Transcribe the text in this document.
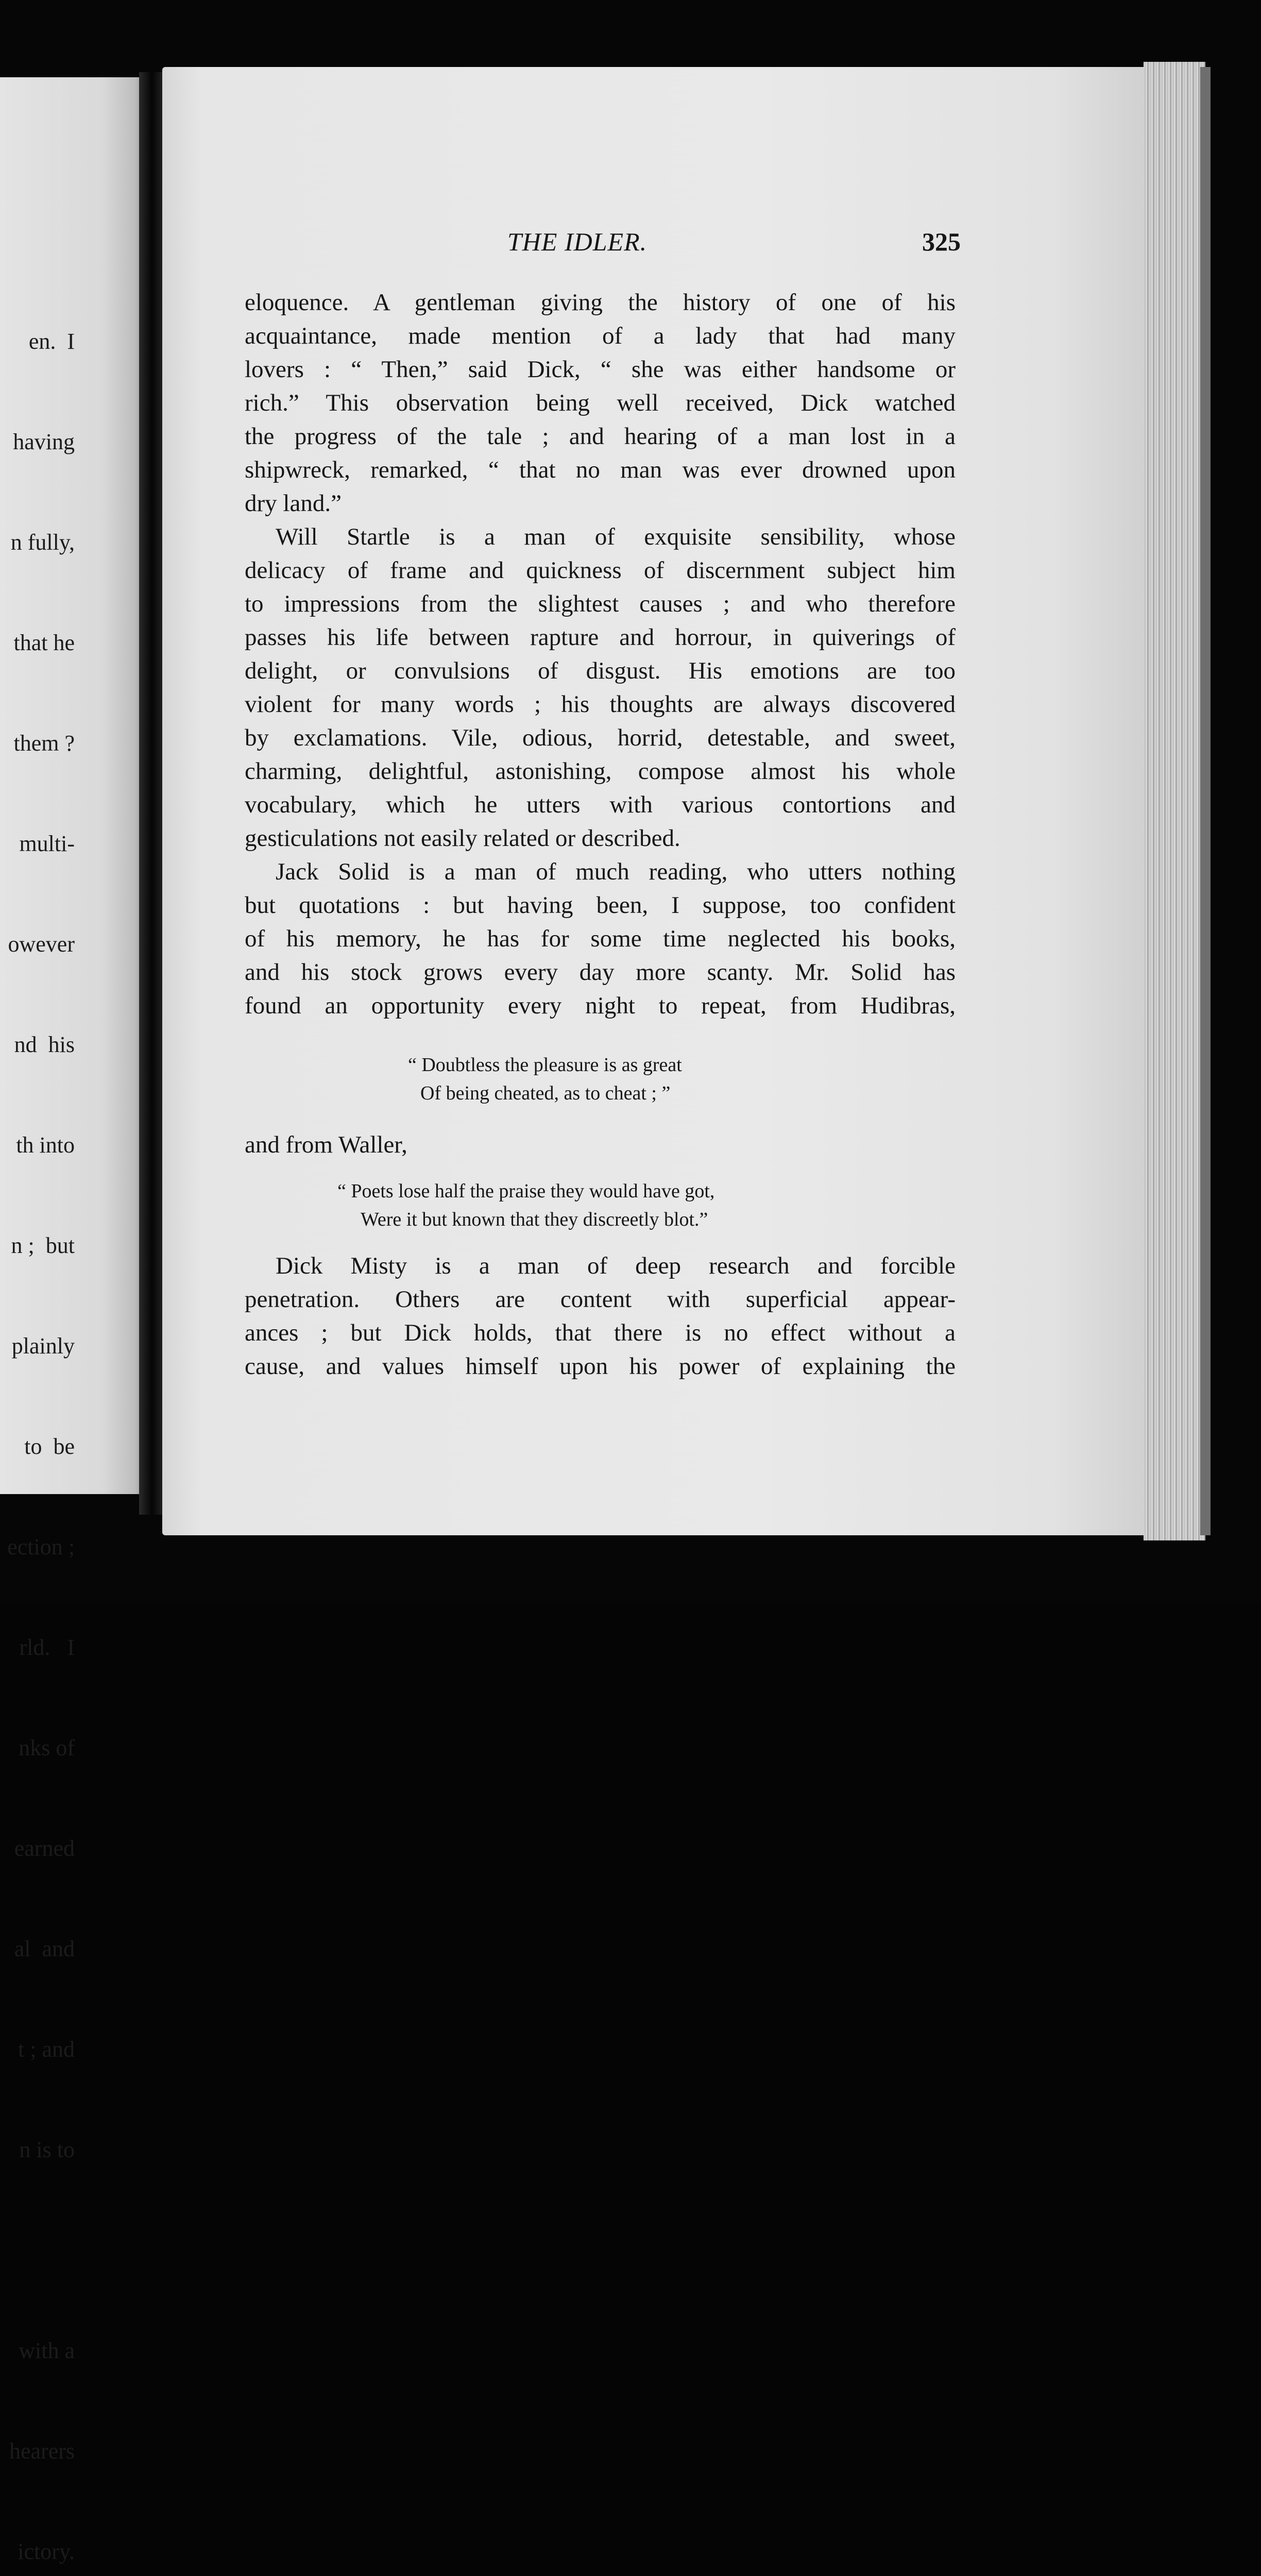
en.  I

having

n fully,

that he

them ?

multi-

owever

nd  his

th into

n ;  but

plainly

to  be

ection ;

rld.   I

nks of

earned

al  and

t ; and

n is to

with a

hearers

ictory.

THE IDLER.	325
eloquence. A gentleman giving the history of one of his
acquaintance, made mention of a lady that had many
lovers : “ Then,” said Dick, “ she was either handsome or
rich.” This observation being well received, Dick watched
the progress of the tale ; and hearing of a man lost in a
shipwreck, remarked, “ that no man was ever drowned upon
dry land.”
Will Startle is a man of exquisite sensibility, whose
delicacy of frame and quickness of discernment subject him
to impressions from the slightest causes ; and who therefore
passes his life between rapture and horrour, in quiverings of
delight, or convulsions of disgust. His emotions are too
violent for many words ; his thoughts are always discovered
by exclamations. Vile, odious, horrid, detestable, and sweet,
charming, delightful, astonishing, compose almost his whole
vocabulary, which he utters with various contortions and
gesticulations not easily related or described.
Jack Solid is a man of much reading, who utters nothing
but quotations : but having been, I suppose, too confident
of his memory, he has for some time neglected his books,
and his stock grows every day more scanty. Mr. Solid has
found an opportunity every night to repeat, from Hudibras,
“ Doubtless the pleasure is as great
Of being cheated, as to cheat ; ”
and from Waller,
“ Poets lose half the praise they would have got,
Were it but known that they discreetly blot.”
Dick Misty is a man of deep research and forcible
penetration. Others are content with superficial appear-
ances ; but Dick holds, that there is no effect without a
cause, and values himself upon his power of explaining the
